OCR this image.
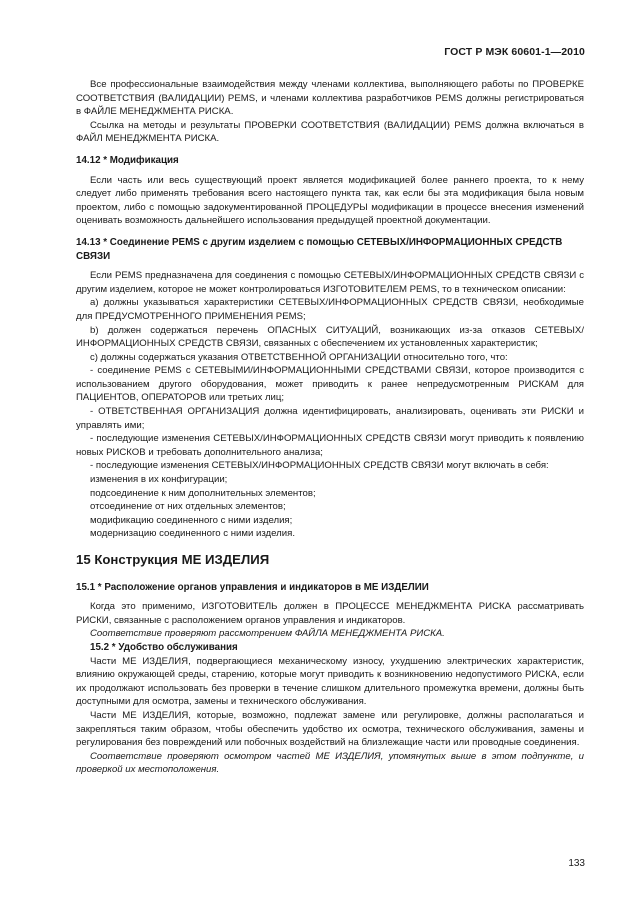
ГОСТ Р МЭК 60601-1—2010

Все профессиональные взаимодействия между членами коллектива, выполняющего работы по ПРОВЕРКЕ СООТВЕТСТВИЯ (ВАЛИДАЦИИ) PEMS, и членами коллектива разработчиков PEMS должны регистрироваться в ФАЙЛЕ МЕНЕДЖМЕНТА РИСКА.

Ссылка на методы и результаты ПРОВЕРКИ СООТВЕТСТВИЯ (ВАЛИДАЦИИ) PEMS должна включаться в ФАЙЛ МЕНЕДЖМЕНТА РИСКА.

14.12 * Модификация

Если часть или весь существующий проект является модификацией более раннего проекта, то к нему следует либо применять требования всего настоящего пункта так, как если бы эта модификация была новым проектом, либо с помощью задокументированной ПРОЦЕДУРЫ модификации в процессе внесения изменений оценивать возможность дальнейшего использования предыдущей проектной документации.

14.13 * Соединение PEMS с другим изделием с помощью СЕТЕВЫХ/ИНФОРМАЦИОННЫХ СРЕДСТВ СВЯЗИ

Если PEMS предназначена для соединения с помощью СЕТЕВЫХ/ИНФОРМАЦИОННЫХ СРЕДСТВ СВЯЗИ с другим изделием, которое не может контролироваться ИЗГОТОВИТЕЛЕМ PEMS, то в техническом описании:

а) должны указываться характеристики СЕТЕВЫХ/ИНФОРМАЦИОННЫХ СРЕДСТВ СВЯЗИ, необходимые для ПРЕДУСМОТРЕННОГО ПРИМЕНЕНИЯ PEMS;

b) должен содержаться перечень ОПАСНЫХ СИТУАЦИЙ, возникающих из-за отказов СЕТЕВЫХ/ИНФОРМАЦИОННЫХ СРЕДСТВ СВЯЗИ, связанных с обеспечением их установленных характеристик;

с) должны содержаться указания ОТВЕТСТВЕННОЙ ОРГАНИЗАЦИИ относительно того, что:

- соединение PEMS с СЕТЕВЫМИ/ИНФОРМАЦИОННЫМИ СРЕДСТВАМИ СВЯЗИ, которое производится с использованием другого оборудования, может приводить к ранее непредусмотренным РИСКАМ для ПАЦИЕНТОВ, ОПЕРАТОРОВ или третьих лиц;

- ОТВЕТСТВЕННАЯ ОРГАНИЗАЦИЯ должна идентифицировать, анализировать, оценивать эти РИСКИ и управлять ими;

- последующие изменения СЕТЕВЫХ/ИНФОРМАЦИОННЫХ СРЕДСТВ СВЯЗИ могут приводить к появлению новых РИСКОВ и требовать дополнительного анализа;

- последующие изменения СЕТЕВЫХ/ИНФОРМАЦИОННЫХ СРЕДСТВ СВЯЗИ могут включать в себя:

изменения в их конфигурации;

подсоединение к ним дополнительных элементов;

отсоединение от них отдельных элементов;

модификацию соединенного с ними изделия;

модернизацию соединенного с ними изделия.

15 Конструкция МЕ ИЗДЕЛИЯ

15.1 * Расположение органов управления и индикаторов в МЕ ИЗДЕЛИИ

Когда это применимо, ИЗГОТОВИТЕЛЬ должен в ПРОЦЕССЕ МЕНЕДЖМЕНТА РИСКА рассматривать РИСКИ, связанные с расположением органов управления и индикаторов.

Соответствие проверяют рассмотрением ФАЙЛА МЕНЕДЖМЕНТА РИСКА.

15.2 * Удобство обслуживания

Части МЕ ИЗДЕЛИЯ, подвергающиеся механическому износу, ухудшению электрических характеристик, влиянию окружающей среды, старению, которые могут приводить к возникновению недопустимого РИСКА, если их продолжают использовать без проверки в течение слишком длительного промежутка времени, должны быть доступными для осмотра, замены и технического обслуживания.

Части МЕ ИЗДЕЛИЯ, которые, возможно, подлежат замене или регулировке, должны располагаться и закрепляться таким образом, чтобы обеспечить удобство их осмотра, технического обслуживания, замены и регулирования без повреждений или побочных воздействий на близлежащие части или проводные соединения.

Соответствие проверяют осмотром частей МЕ ИЗДЕЛИЯ, упомянутых выше в этом подпункте, и проверкой их местоположения.

133
